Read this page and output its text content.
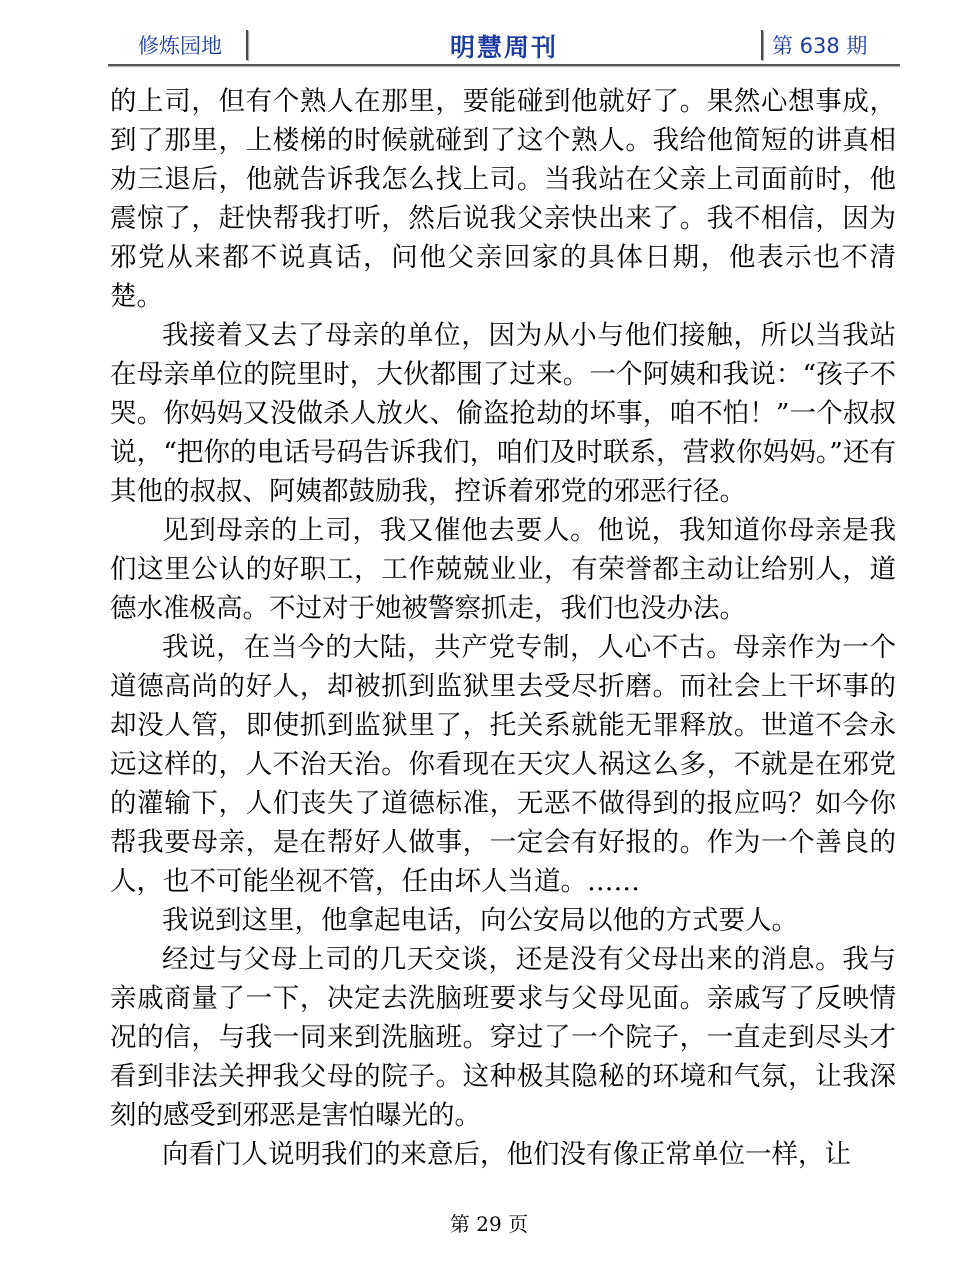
修炼园地	明慧周刊	第 638 期

的上司，但有个熟人在那里，要能碰到他就好了。果然心想事成，到了那里，上楼梯的时候就碰到了这个熟人。我给他简短的讲真相劝三退后，他就告诉我怎么找上司。当我站在父亲上司面前时，他震惊了，赶快帮我打听，然后说我父亲快出来了。我不相信，因为邪党从来都不说真话，问他父亲回家的具体日期，他表示也不清楚。

我接着又去了母亲的单位，因为从小与他们接触，所以当我站在母亲单位的院里时，大伙都围了过来。一个阿姨和我说：“孩子不哭。你妈妈又没做杀人放火、偷盗抢劫的坏事，咱不怕！”一个叔叔说，“把你的电话号码告诉我们，咱们及时联系，营救你妈妈。”还有其他的叔叔、阿姨都鼓励我，控诉着邪党的邪恶行径。

见到母亲的上司，我又催他去要人。他说，我知道你母亲是我们这里公认的好职工，工作兢兢业业，有荣誉都主动让给别人，道德水准极高。不过对于她被警察抓走，我们也没办法。

我说，在当今的大陆，共产党专制，人心不古。母亲作为一个道德高尚的好人，却被抓到监狱里去受尽折磨。而社会上干坏事的却没人管，即使抓到监狱里了，托关系就能无罪释放。世道不会永远这样的，人不治天治。你看现在天灾人祸这么多，不就是在邪党的灌输下，人们丧失了道德标准，无恶不做得到的报应吗？如今你帮我要母亲，是在帮好人做事，一定会有好报的。作为一个善良的人，也不可能坐视不管，任由坏人当道。……

我说到这里，他拿起电话，向公安局以他的方式要人。

经过与父母上司的几天交谈，还是没有父母出来的消息。我与亲戚商量了一下，决定去洗脑班要求与父母见面。亲戚写了反映情况的信，与我一同来到洗脑班。穿过了一个院子，一直走到尽头才看到非法关押我父母的院子。这种极其隐秘的环境和气氛，让我深刻的感受到邪恶是害怕曝光的。

向看门人说明我们的来意后，他们没有像正常单位一样，让

第 29 页
